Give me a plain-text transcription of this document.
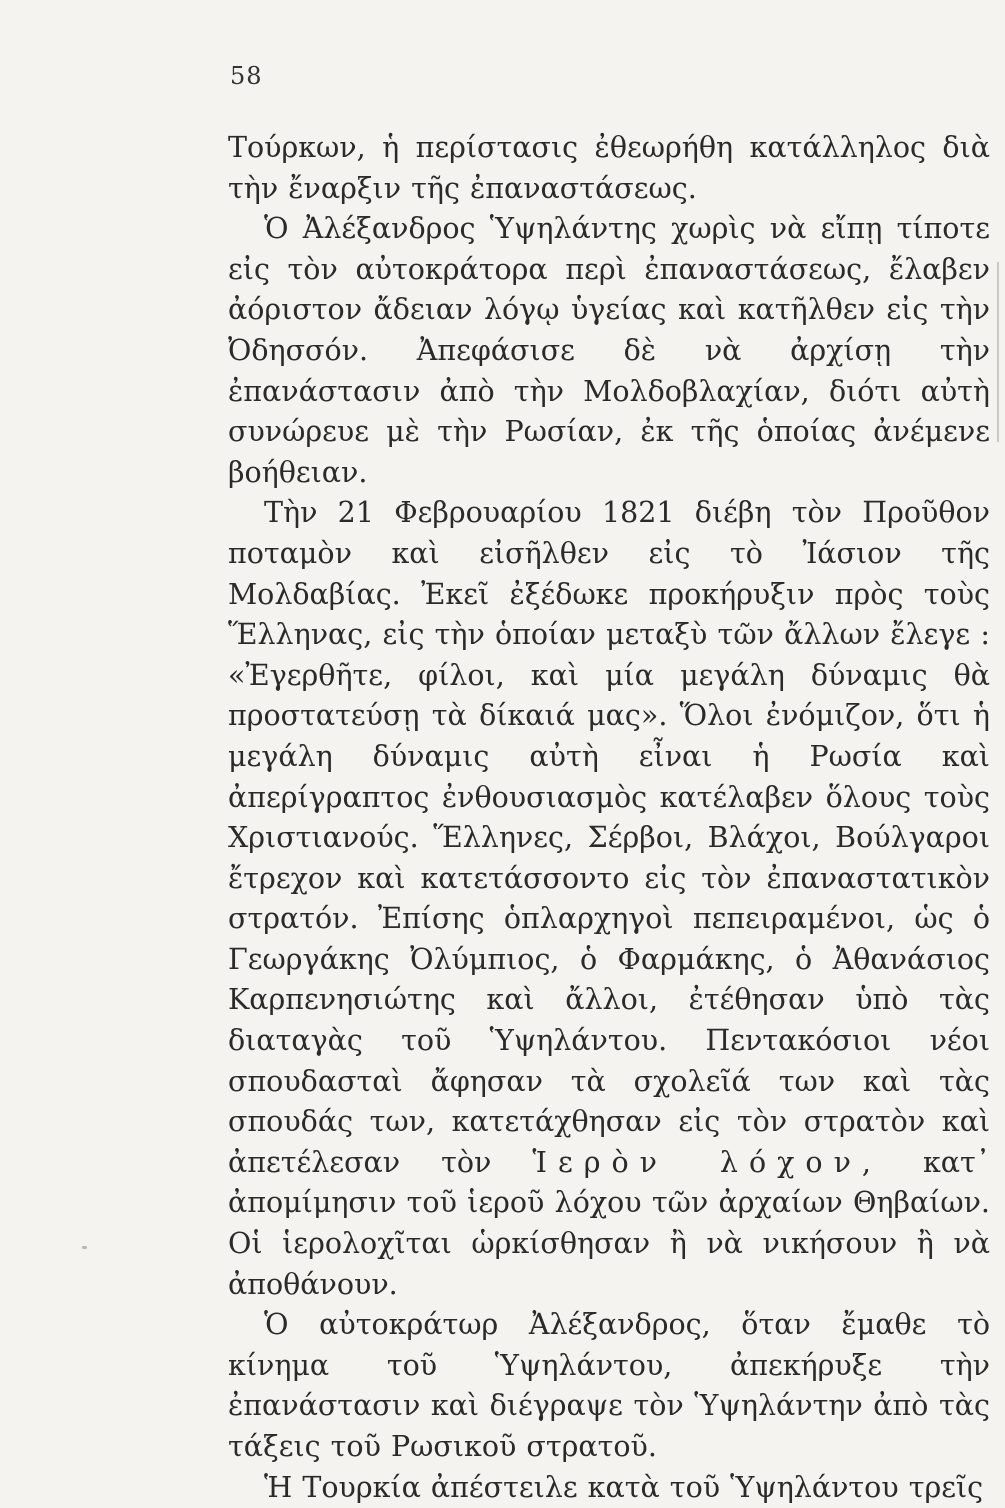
58

Τούρκων, ἡ περίστασις ἐθεωρήθη κατάλληλος διὰ τὴν ἔναρξιν τῆς ἐπαναστάσεως.

Ὁ Ἀλέξανδρος Ὑψηλάντης χωρὶς νὰ εἴπῃ τίποτε εἰς τὸν αὐτοκράτορα περὶ ἐπαναστάσεως, ἔλαβεν ἀόριστον ἄδειαν λόγῳ ὑγείας καὶ κατῆλθεν εἰς τὴν Ὀδησσόν. Ἀπεφάσισε δὲ νὰ ἀρχίσῃ τὴν ἐπανάστασιν ἀπὸ τὴν Μολδοβλαχίαν, διότι αὐτὴ συνώρευε μὲ τὴν Ρωσίαν, ἐκ τῆς ὁποίας ἀνέμενε βοήθειαν.

Τὴν 21 Φεβρουαρίου 1821 διέβη τὸν Προῦθον ποταμὸν καὶ εἰσῆλθεν εἰς τὸ Ἰάσιον τῆς Μολδαβίας. Ἐκεῖ ἐξέδωκε προκήρυξιν πρὸς τοὺς Ἕλληνας, εἰς τὴν ὁποίαν μεταξὺ τῶν ἄλλων ἔλεγε : «Ἐγερθῆτε, φίλοι, καὶ μία μεγάλη δύναμις θὰ προστατεύσῃ τὰ δίκαιά μας». Ὅλοι ἐνόμιζον, ὅτι ἡ μεγάλη δύναμις αὐτὴ εἶναι ἡ Ρωσία καὶ ἀπερίγραπτος ἐνθουσιασμὸς κατέλαβεν ὅλους τοὺς Χριστιανούς. Ἕλληνες, Σέρβοι, Βλάχοι, Βούλγαροι ἔτρεχον καὶ κατετάσσοντο εἰς τὸν ἐπαναστατικὸν στρατόν. Ἐπίσης ὁπλαρχηγοὶ πεπειραμένοι, ὡς ὁ Γεωργάκης Ὀλύμπιος, ὁ Φαρμάκης, ὁ Ἀθανάσιος Καρπενησιώτης καὶ ἄλλοι, ἐτέθησαν ὑπὸ τὰς διαταγὰς τοῦ Ὑψηλάντου. Πεντακόσιοι νέοι σπουδασταὶ ἄφησαν τὰ σχολεῖά των καὶ τὰς σπουδάς των, κατετάχθησαν εἰς τὸν στρατὸν καὶ ἀπετέλεσαν τὸν Ἱερὸν λόχον, κατ᾽ ἀπομίμησιν τοῦ ἱεροῦ λόχου τῶν ἀρχαίων Θηβαίων. Οἱ ἱερολοχῖται ὡρκίσθησαν ἢ νὰ νικήσουν ἢ νὰ ἀποθάνουν.

Ὁ αὐτοκράτωρ Ἀλέξανδρος, ὅταν ἔμαθε τὸ κίνημα τοῦ Ὑψηλάντου, ἀπεκήρυξε τὴν ἐπανάστασιν καὶ διέγραψε τὸν Ὑψηλάντην ἀπὸ τὰς τάξεις τοῦ Ρωσικοῦ στρατοῦ.

Ἡ Τουρκία ἀπέστειλε κατὰ τοῦ Ὑψηλάντου τρεῖς
